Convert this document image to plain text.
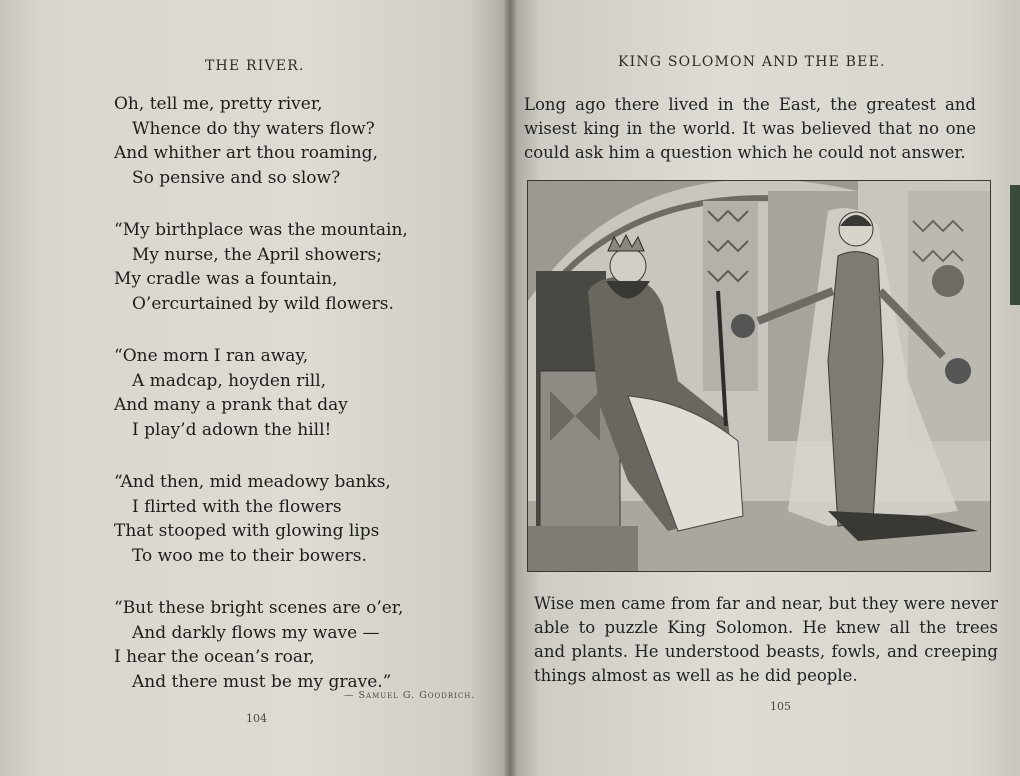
THE RIVER.
Oh, tell me, pretty river,
Whence do thy waters flow?
And whither art thou roaming,
So pensive and so slow?
“My birthplace was the mountain,
My nurse, the April showers;
My cradle was a fountain,
O’ercurtained by wild flowers.
“One morn I ran away,
A madcap, hoyden rill,
And many a prank that day
I play’d adown the hill!
“And then, mid meadowy banks,
I flirted with the flowers
That stooped with glowing lips
To woo me to their bowers.
“But these bright scenes are o’er,
And darkly flows my wave —
I hear the ocean’s roar,
And there must be my grave.”
— Samuel G. Goodrich.
104
KING SOLOMON AND THE BEE.
Long ago there lived in the East, the greatest and wisest king in the world. It was believed that no one could ask him a question which he could not answer.
Wise men came from far and near, but they were never able to puzzle King Solomon. He knew all the trees and plants. He understood beasts, fowls, and creeping things almost as well as he did people.
105
